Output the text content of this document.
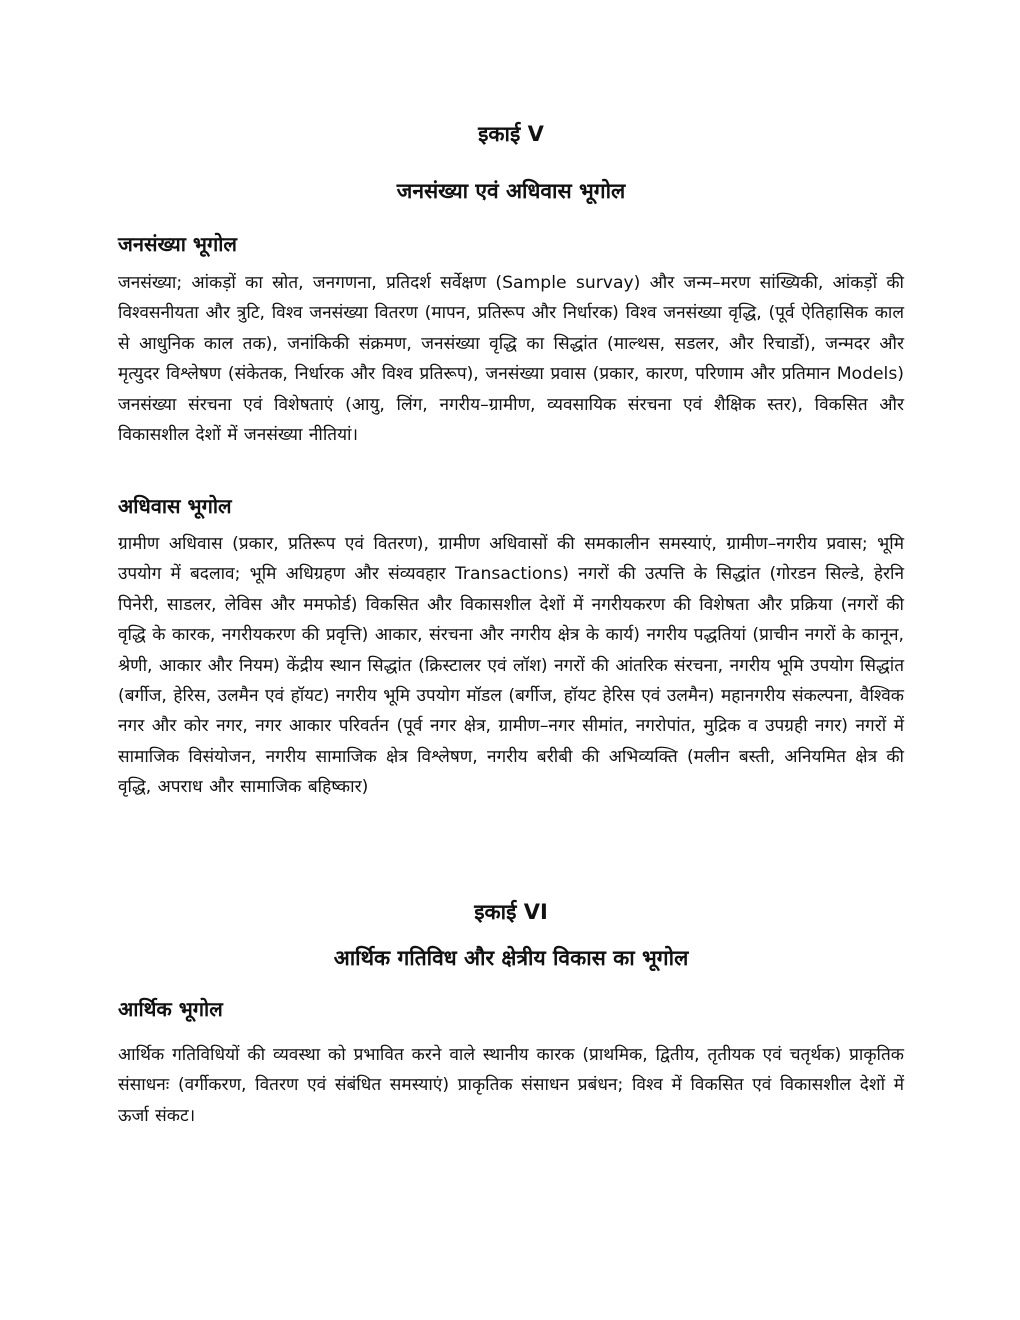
इकाई V
जनसंख्या एवं अधिवास भूगोल
जनसंख्या भूगोल

जनसंख्या; आंकड़ों का स्रोत, जनगणना, प्रतिदर्श सर्वेक्षण (Sample survay) और जन्म–मरण सांख्यिकी, आंकड़ों की विश्वसनीयता और त्रुटि, विश्व जनसंख्या वितरण (मापन, प्रतिरूप और निर्धारक) विश्व जनसंख्या वृद्धि, (पूर्व ऐतिहासिक काल से आधुनिक काल तक), जनांकिकी संक्रमण, जनसंख्या वृद्धि का सिद्धांत (माल्थस, सडलर, और रिचार्डो), जन्मदर और मृत्युदर विश्लेषण (संकेतक, निर्धारक और विश्व प्रतिरूप), जनसंख्या प्रवास (प्रकार, कारण, परिणाम और प्रतिमान Models) जनसंख्या संरचना एवं विशेषताएं (आयु, लिंग, नगरीय–ग्रामीण, व्यवसायिक संरचना एवं शैक्षिक स्तर), विकसित और विकासशील देशों में जनसंख्या नीतियां।

अधिवास भूगोल

ग्रामीण अधिवास (प्रकार, प्रतिरूप एवं वितरण), ग्रामीण अधिवासों की समकालीन समस्याएं, ग्रामीण–नगरीय प्रवास; भूमि उपयोग में बदलाव; भूमि अधिग्रहण और संव्यवहार Transactions) नगरों की उत्पत्ति के सिद्धांत (गोरडन सिल्डे, हेरनि पिनेरी, साडलर, लेविस और ममफोर्ड) विकसित और विकासशील देशों में नगरीयकरण की विशेषता और प्रक्रिया (नगरों की वृद्धि के कारक, नगरीयकरण की प्रवृत्ति) आकार, संरचना और नगरीय क्षेत्र के कार्य) नगरीय पद्धतियां (प्राचीन नगरों के कानून, श्रेणी, आकार और नियम) केंद्रीय स्थान सिद्धांत (क्रिस्टालर एवं लॉश) नगरों की आंतरिक संरचना, नगरीय भूमि उपयोग सिद्धांत (बर्गीज, हेरिस, उलमैन एवं हॉयट) नगरीय भूमि उपयोग मॉडल (बर्गीज, हॉयट हेरिस एवं उलमैन) महानगरीय संकल्पना, वैश्विक नगर और कोर नगर, नगर आकार परिवर्तन (पूर्व नगर क्षेत्र, ग्रामीण–नगर सीमांत, नगरोपांत, मुद्रिक व उपग्रही नगर) नगरों में सामाजिक विसंयोजन, नगरीय सामाजिक क्षेत्र विश्लेषण, नगरीय बरीबी की अभिव्यक्ति (मलीन बस्ती, अनियमित क्षेत्र की वृद्धि, अपराध और सामाजिक बहिष्कार)

इकाई VI
आर्थिक गतिविध और क्षेत्रीय विकास का भूगोल
आर्थिक भूगोल

आर्थिक गतिविधियों की व्यवस्था को प्रभावित करने वाले स्थानीय कारक (प्राथमिक, द्वितीय, तृतीयक एवं चतृर्थक) प्राकृतिक संसाधनः (वर्गीकरण, वितरण एवं संबंधित समस्याएं) प्राकृतिक संसाधन प्रबंधन; विश्व में विकसित एवं विकासशील देशों में ऊर्जा संकट।
